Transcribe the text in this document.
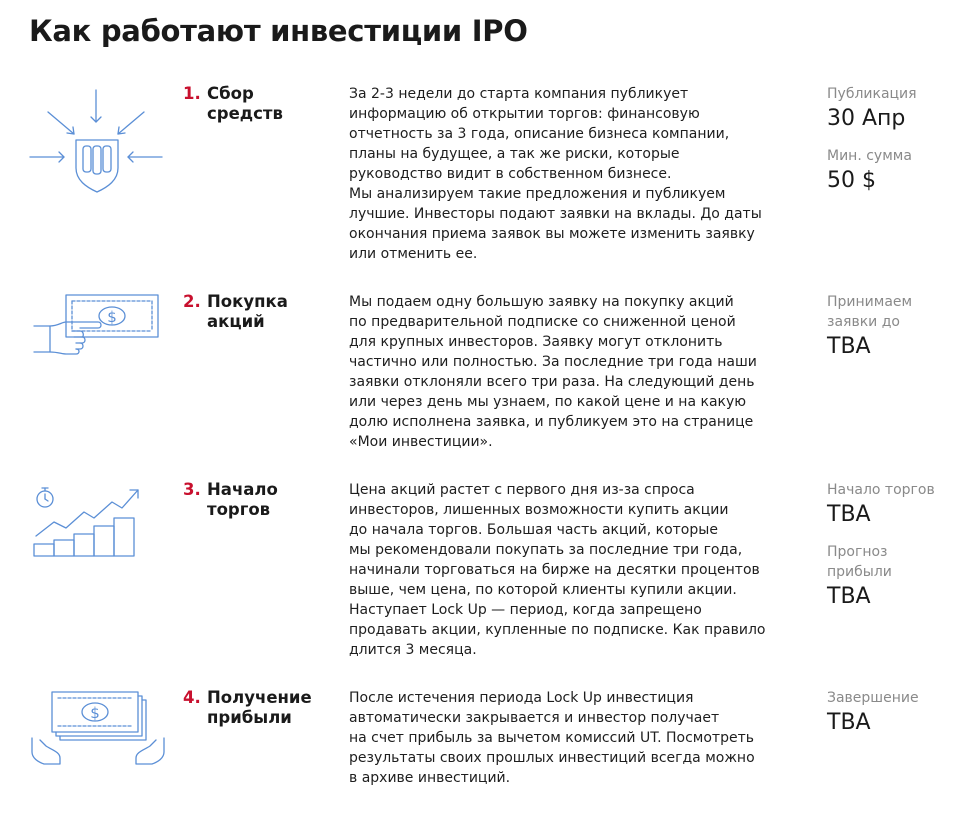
Как работают инвестиции IPO
1. Сбор средств
За 2-3 недели до старта компания публикует
информацию об открытии торгов: финансовую
отчетность за 3 года, описание бизнеса компании,
планы на будущее, а так же риски, которые
руководство видит в собственном бизнесе.
Мы анализируем такие предложения и публикуем
лучшие. Инвесторы подают заявки на вклады. До даты
окончания приема заявок вы можете изменить заявку
или отменить ее.
Публикация
30 Апр
Мин. сумма
50 $
$
2. Покупка акций
Мы подаем одну большую заявку на покупку акций
по предварительной подписке со сниженной ценой
для крупных инвесторов. Заявку могут отклонить
частично или полностью. За последние три года наши
заявки отклоняли всего три раза. На следующий день
или через день мы узнаем, по какой цене и на какую
долю исполнена заявка, и публикуем это на странице
«Мои инвестиции».
Принимаем
заявки до
TBA
3. Начало торгов
Цена акций растет с первого дня из-за спроса
инвесторов, лишенных возможности купить акции
до начала торгов. Большая часть акций, которые
мы рекомендовали покупать за последние три года,
начинали торговаться на бирже на десятки процентов
выше, чем цена, по которой клиенты купили акции.
Наступает Lock Up — период, когда запрещено
продавать акции, купленные по подписке. Как правило
длится 3 месяца.
Начало торгов
TBA
Прогноз
прибыли
TBA
$
4. Получение прибыли
После истечения периода Lock Up инвестиция
автоматически закрывается и инвестор получает
на счет прибыль за вычетом комиссий UT. Посмотреть
результаты своих прошлых инвестиций всегда можно
в архиве инвестиций.
Завершение
TBA
